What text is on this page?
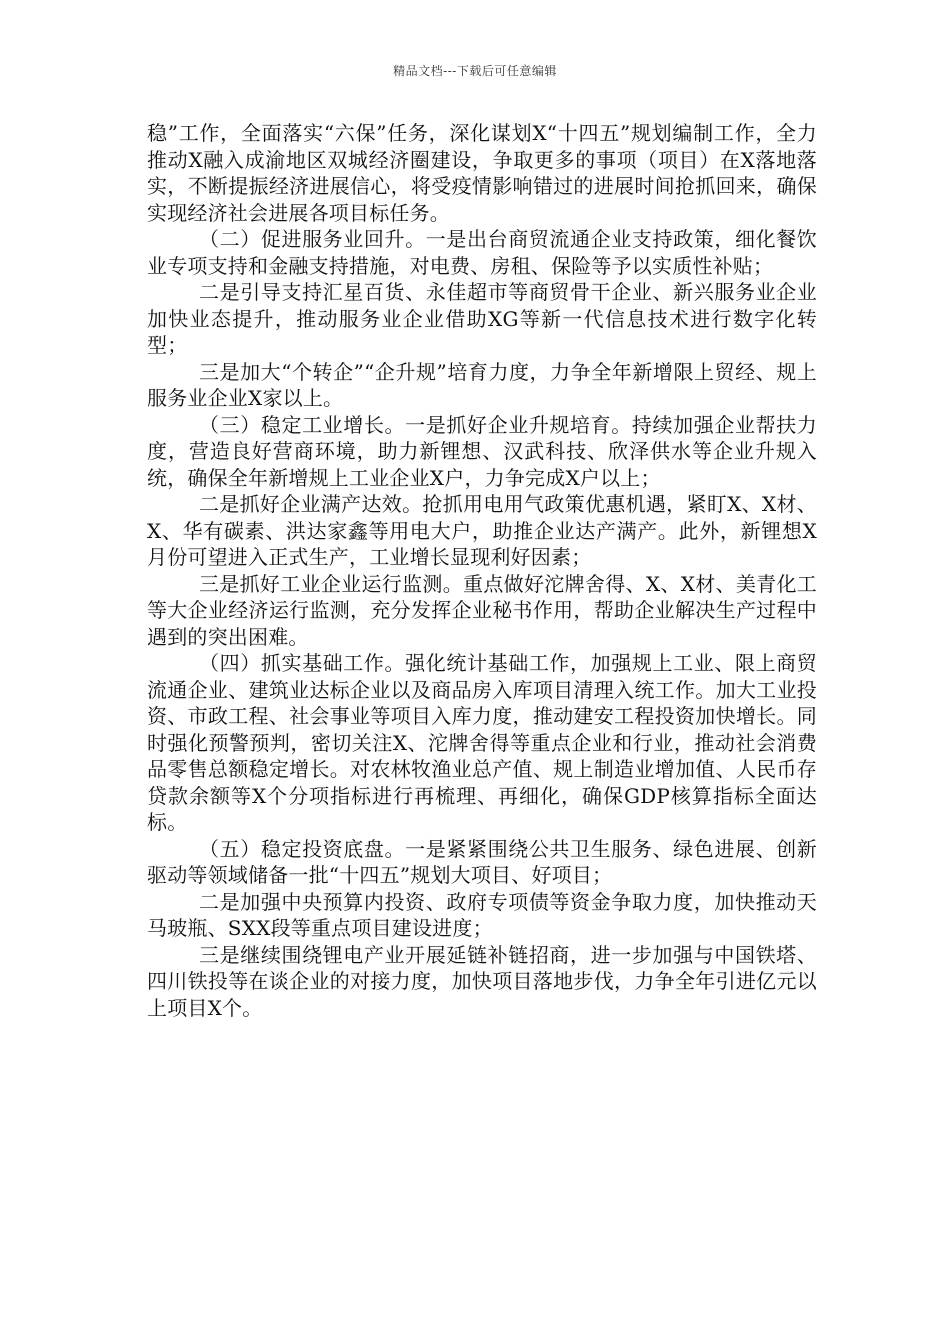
精品文档---下载后可任意编辑

稳”工作，全面落实“六保”任务，深化谋划X“十四五”规划编制工作，全力推动X融入成渝地区双城经济圈建设，争取更多的事项（项目）在X落地落实，不断提振经济进展信心，将受疫情影响错过的进展时间抢抓回来，确保实现经济社会进展各项目标任务。

（二）促进服务业回升。一是出台商贸流通企业支持政策，细化餐饮业专项支持和金融支持措施，对电费、房租、保险等予以实质性补贴；

二是引导支持汇星百货、永佳超市等商贸骨干企业、新兴服务业企业加快业态提升，推动服务业企业借助XG等新一代信息技术进行数字化转型；

三是加大“个转企”“企升规”培育力度，力争全年新增限上贸经、规上服务业企业X家以上。

（三）稳定工业增长。一是抓好企业升规培育。持续加强企业帮扶力度，营造良好营商环境，助力新锂想、汉武科技、欣泽供水等企业升规入统，确保全年新增规上工业企业X户，力争完成X户以上；

二是抓好企业满产达效。抢抓用电用气政策优惠机遇，紧盯X、X材、X、华有碳素、洪达家鑫等用电大户，助推企业达产满产。此外，新锂想X月份可望进入正式生产，工业增长显现利好因素；

三是抓好工业企业运行监测。重点做好沱牌舍得、X、X材、美青化工等大企业经济运行监测，充分发挥企业秘书作用，帮助企业解决生产过程中遇到的突出困难。

（四）抓实基础工作。强化统计基础工作，加强规上工业、限上商贸流通企业、建筑业达标企业以及商品房入库项目清理入统工作。加大工业投资、市政工程、社会事业等项目入库力度，推动建安工程投资加快增长。同时强化预警预判，密切关注X、沱牌舍得等重点企业和行业，推动社会消费品零售总额稳定增长。对农林牧渔业总产值、规上制造业增加值、人民币存贷款余额等X个分项指标进行再梳理、再细化，确保GDP核算指标全面达标。

（五）稳定投资底盘。一是紧紧围绕公共卫生服务、绿色进展、创新驱动等领域储备一批“十四五”规划大项目、好项目；

二是加强中央预算内投资、政府专项债等资金争取力度，加快推动天马玻瓶、SXX段等重点项目建设进度；

三是继续围绕锂电产业开展延链补链招商，进一步加强与中国铁塔、四川铁投等在谈企业的对接力度，加快项目落地步伐，力争全年引进亿元以上项目X个。
